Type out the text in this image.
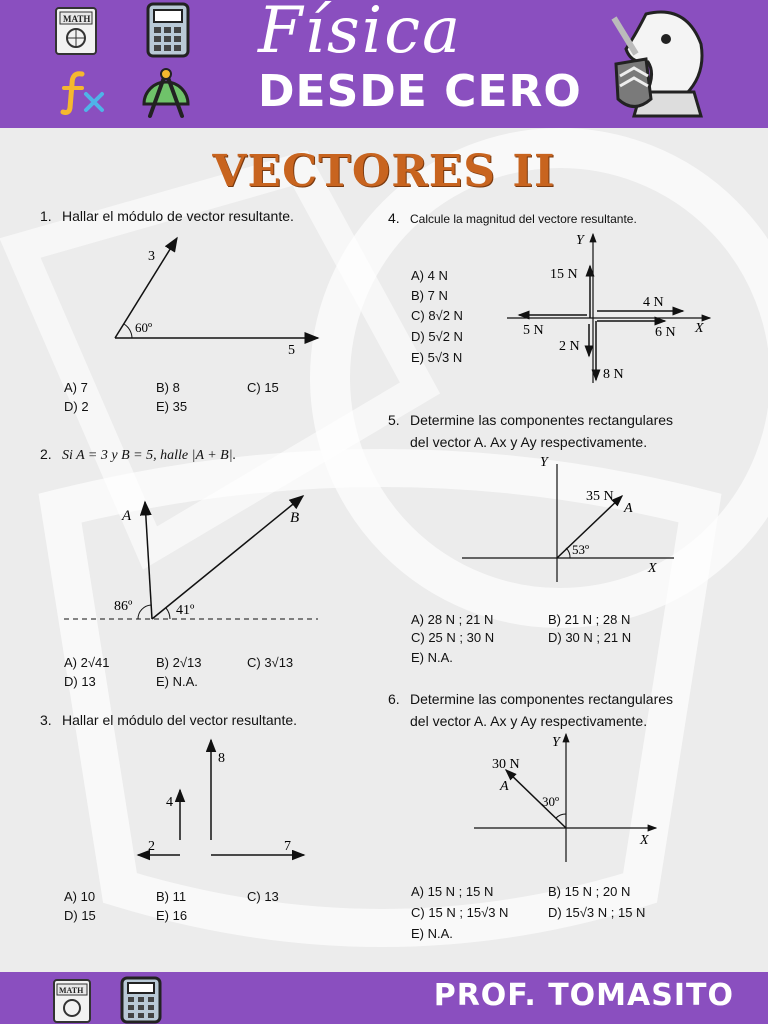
MATH	Física
DESDE CERO
VECTORES II
1. Hallar el módulo de vector resultante.
3
5
60º
A) 7	B) 8	C) 15
D) 2	E) 35
2. Si A = 3 y B = 5, halle |A + B|.
A	B
86º	41º
A) 2√41	B) 2√13	C) 3√13
D) 13	E) N.A.
3. Hallar el módulo del vector resultante.
8
4
2	7
A) 10	B) 11	C) 13
D) 15	E) 16
4. Calcule la magnitud del vectore resultante.
A) 4 N
B) 7 N
C) 8√2 N
D) 5√2 N
E) 5√3 N
Y
X
15 N
4 N
5 N	6 N
2 N
8 N
5. Determine las componentes rectangulares
del vector A. Ax y Ay respectivamente.
Y
X
35 N
A
53º
A) 28 N ; 21 N	B) 21 N ; 28 N
C) 25 N ; 30 N	D) 30 N ; 21 N
E) N.A.
6. Determine las componentes rectangulares
del vector A. Ax y Ay respectivamente.
Y
X
30 N
A
30º
A) 15 N ; 15 N	B) 15 N ; 20 N
C) 15 N ; 15√3 N	D) 15√3 N ; 15 N
E) N.A.
MATH	PROF. TOMASITO
